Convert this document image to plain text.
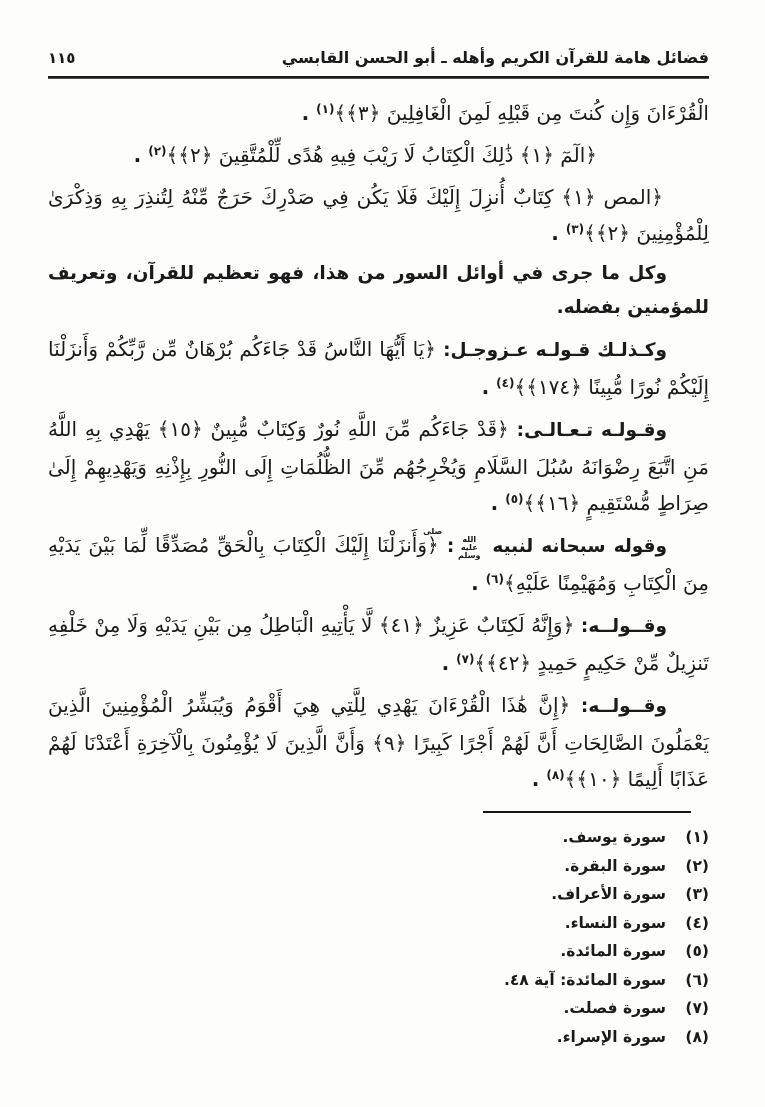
فضائل هامة للقرآن الكريم وأهله ـ أبو الحسن القابسي
١١٥

الْقُرْءَانَ وَإِن كُنتَ مِن قَبْلِهِ لَمِنَ الْغَافِلِينَ ﴿٣﴾﴾$^{(١)}$ .

﴿الٓمٓ ﴿١﴾ ذَٰلِكَ الْكِتَابُ لَا رَيْبَ فِيهِ هُدًى لِّلْمُتَّقِينَ ﴿٢﴾﴾$^{(٢)}$ .

﴿المص ﴿١﴾ كِتَابٌ أُنزِلَ إِلَيْكَ فَلَا يَكُن فِي صَدْرِكَ حَرَجٌ مِّنْهُ لِتُنذِرَ بِهِ وَذِكْرَىٰ لِلْمُؤْمِنِينَ ﴿٢﴾﴾$^{(٣)}$ .

وكل ما جرى في أوائل السور من هذا، فهو تعظيم للقرآن، وتعريف للمؤمنين بفضله.

وكـذلـك قـولـه عـزوجـل: ﴿يَا أَيُّهَا النَّاسُ قَدْ جَاءَكُم بُرْهَانٌ مِّن رَّبِّكُمْ وَأَنزَلْنَا إِلَيْكُمْ نُورًا مُّبِينًا ﴿١٧٤﴾﴾$^{(٤)}$ .

وقـولـه تـعـالـى: ﴿قَدْ جَاءَكُم مِّنَ اللَّهِ نُورٌ وَكِتَابٌ مُّبِينٌ ﴿١٥﴾ يَهْدِي بِهِ اللَّهُ مَنِ اتَّبَعَ رِضْوَانَهُ سُبُلَ السَّلَامِ وَيُخْرِجُهُم مِّنَ الظُّلُمَاتِ إِلَى النُّورِ بِإِذْنِهِ وَيَهْدِيهِمْ إِلَىٰ صِرَاطٍ مُّسْتَقِيمٍ ﴿١٦﴾﴾$^{(٥)}$ .

وقوله سبحانه لنبيه صلى الله عليه وسلم: ﴿وَأَنزَلْنَا إِلَيْكَ الْكِتَابَ بِالْحَقِّ مُصَدِّقًا لِّمَا بَيْنَ يَدَيْهِ مِنَ الْكِتَابِ وَمُهَيْمِنًا عَلَيْهِ﴾$^{(٦)}$ .

وقــولــه: ﴿وَإِنَّهُ لَكِتَابٌ عَزِيزٌ ﴿٤١﴾ لَّا يَأْتِيهِ الْبَاطِلُ مِن بَيْنِ يَدَيْهِ وَلَا مِنْ خَلْفِهِ تَنزِيلٌ مِّنْ حَكِيمٍ حَمِيدٍ ﴿٤٢﴾﴾$^{(٧)}$ .

وقــولــه: ﴿إِنَّ هَٰذَا الْقُرْءَانَ يَهْدِي لِلَّتِي هِيَ أَقْوَمُ وَيُبَشِّرُ الْمُؤْمِنِينَ الَّذِينَ يَعْمَلُونَ الصَّالِحَاتِ أَنَّ لَهُمْ أَجْرًا كَبِيرًا ﴿٩﴾ وَأَنَّ الَّذِينَ لَا يُؤْمِنُونَ بِالْآخِرَةِ أَعْتَدْنَا لَهُمْ عَذَابًا أَلِيمًا ﴿١٠﴾﴾$^{(٨)}$ .

(١)
سورة يوسف.
(٢)
سورة البقرة.
(٣)
سورة الأعراف.
(٤)
سورة النساء.
(٥)
سورة المائدة.
(٦)
سورة المائدة: آية ٤٨.
(٧)
سورة فصلت.
(٨)
سورة الإسراء.
